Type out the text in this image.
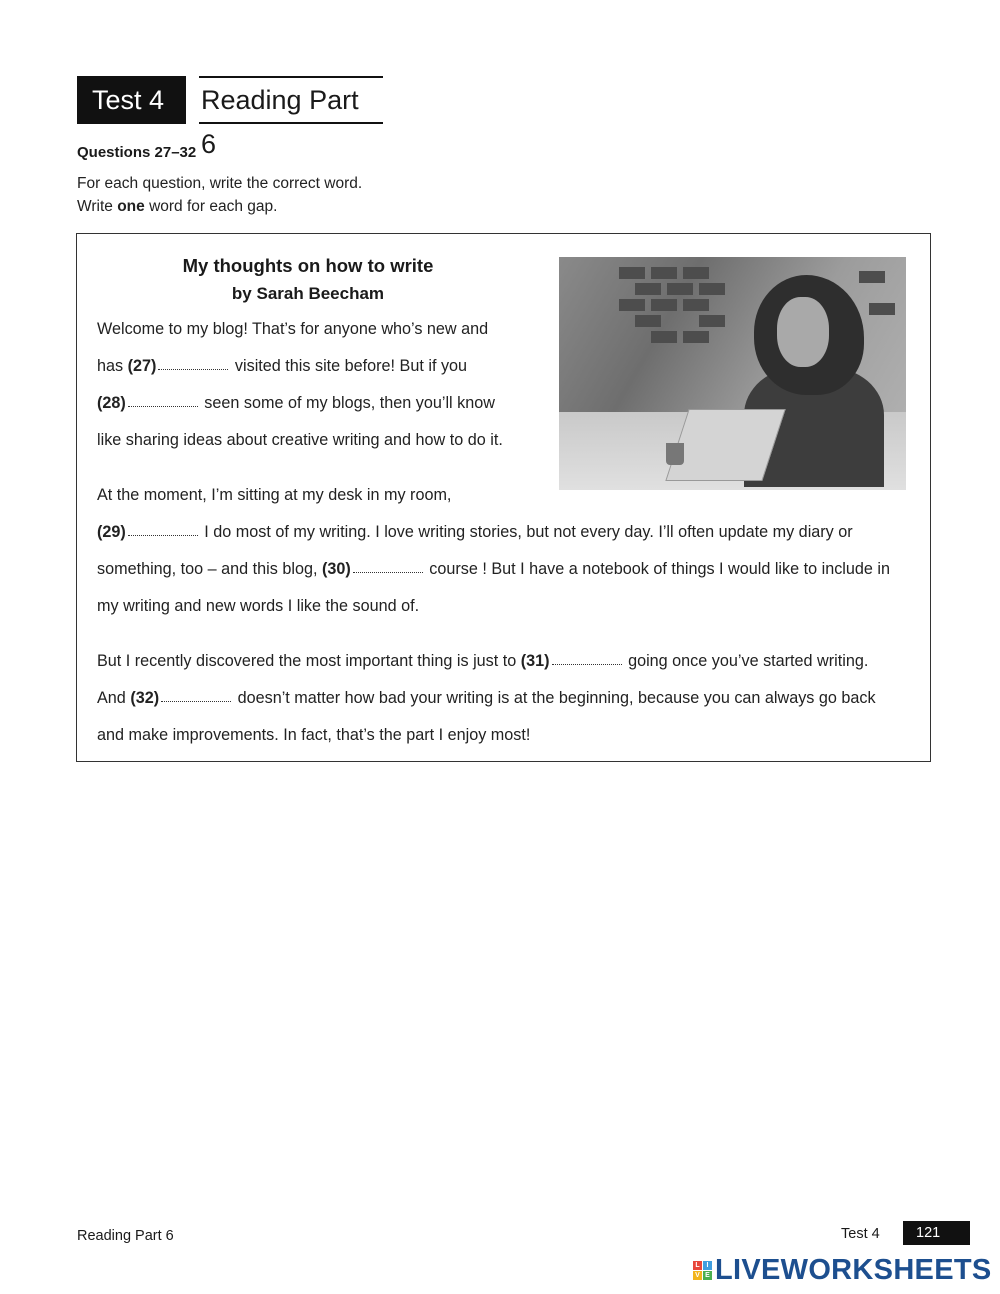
Test 4	Reading Part 6
Questions 27–32
For each question, write the correct word.
Write one word for each gap.
My thoughts on how to write
by Sarah Beecham
Welcome to my blog! That’s for anyone who’s new and
has (27)	visited this site before! But if you
(28)	seen some of my blogs, then you’ll know
like sharing ideas about creative writing and how to do it.
At the moment, I’m sitting at my desk in my room,
(29)	I do most of my writing. I love writing stories, but not every day. I’ll often update my diary or
something, too – and this blog, (30)	course ! But I have a notebook of things I would like to include in
my writing and new words I like the sound of.
But I recently discovered the most important thing is just to (31)	going once you’ve started writing.
And (32)	doesn’t matter how bad your writing is at the beginning, because you can always go back
and make improvements. In fact, that’s the part I enjoy most!
Reading Part 6	Test 4	121
L I
V E LIVEWORKSHEETS
